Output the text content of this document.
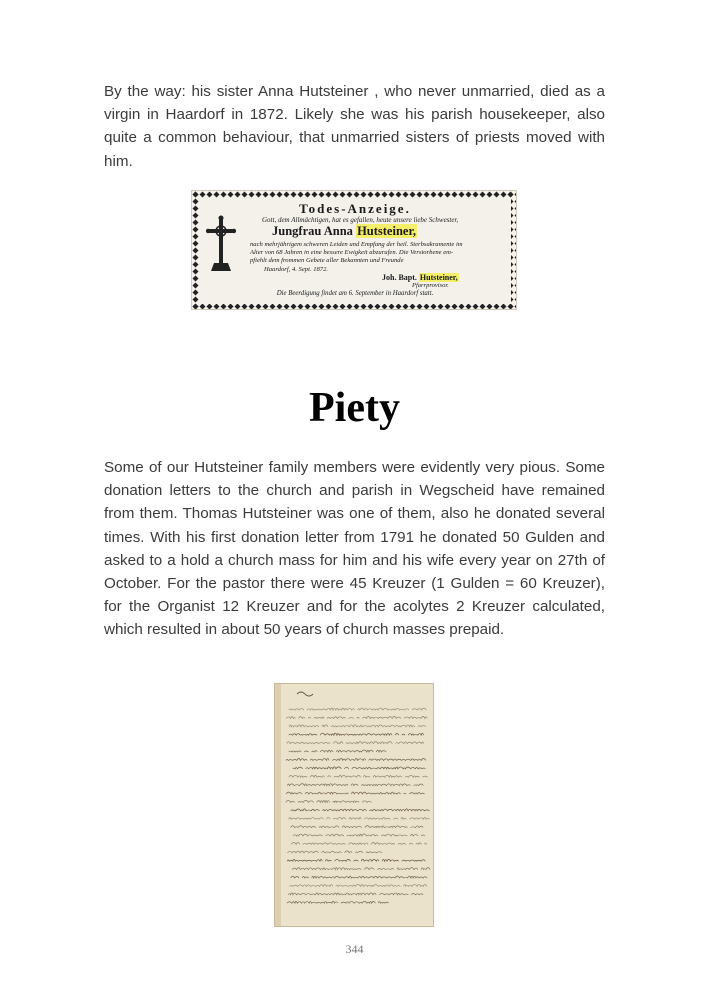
By the way: his sister Anna Hutsteiner , who never unmarried, died as a virgin in Haardorf in 1872. Likely she was his parish housekeeper, also quite a common behaviour, that unmarried sisters of priests moved with him.
Todes-Anzeige.
Gott, dem Allmächtigen, hat es gefallen, heute unsere liebe Schwester,
Jungfrau Anna Hutsteiner,
nach mehrjährigem schweren Leiden und Empfang der heil. Sterbsakramente im
Alter von 68 Jahren in eine bessere Ewigkeit abzurufen. Die Verstorbene em-
pfiehlt dem frommen Gebete aller Bekannten und Freunde
Haardorf, 4. Sept. 1872.
Joh. Bapt. Hutsteiner,
Pfarrprovisor.
Die Beerdigung findet am 6. September in Haardorf statt.
Piety
Some of our Hutsteiner family members were evidently very pious. Some donation letters to the church and parish in Wegscheid have remained from them. Thomas Hutsteiner was one of them, also he donated several times. With his first donation letter from 1791 he donated 50 Gulden and asked to a hold a church mass for him and his wife every year on 27th of October. For the pastor there were 45 Kreuzer (1 Gulden = 60 Kreuzer), for the Organist 12 Kreuzer and for the acolytes 2 Kreuzer calculated, which resulted in about 50 years of church masses prepaid.
344
